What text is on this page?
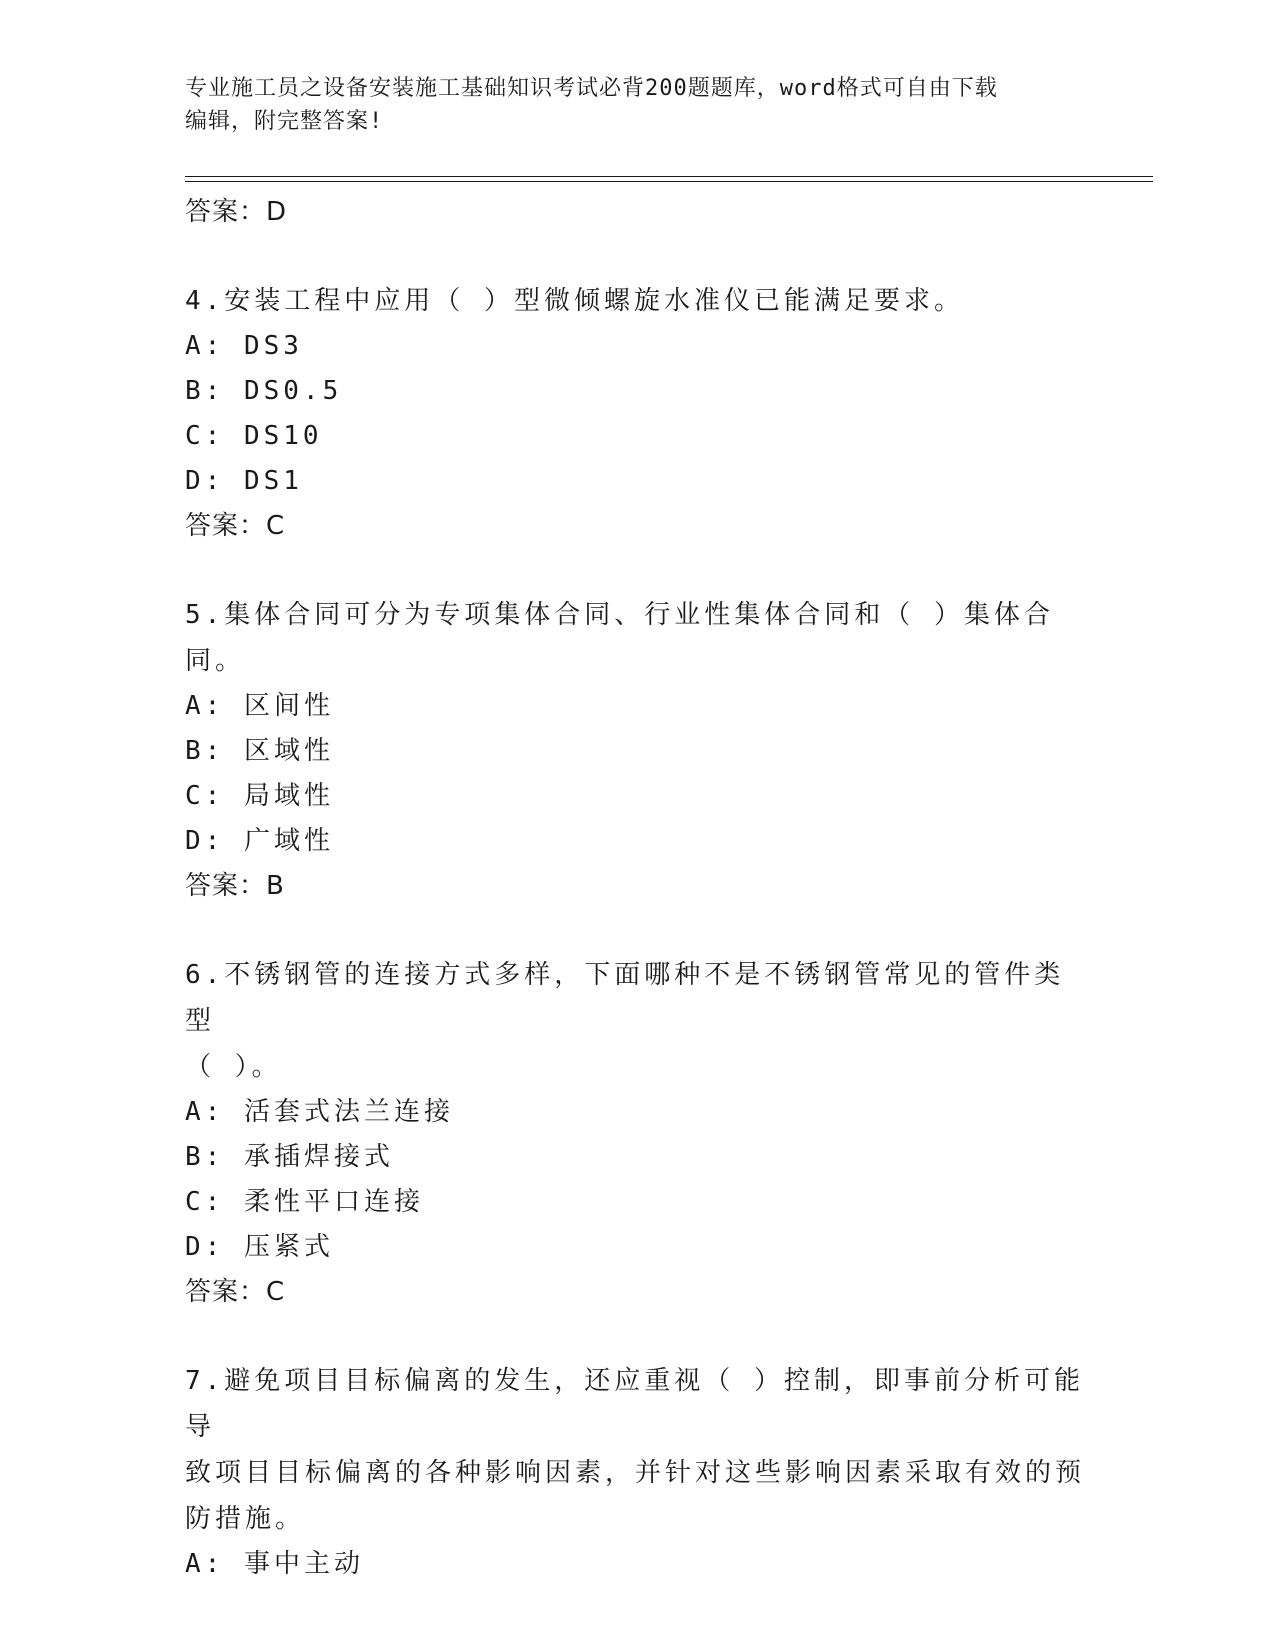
专业施工员之设备安装施工基础知识考试必背200题题库，word格式可自由下载
编辑，附完整答案!

答案：D

4.安装工程中应用（ ）型微倾螺旋水准仪已能满足要求。

A: DS3

B: DS0.5

C: DS10

D: DS1

答案：C

5.集体合同可分为专项集体合同、行业性集体合同和（ ）集体合同。

A: 区间性

B: 区域性

C: 局域性

D: 广域性

答案：B

6.不锈钢管的连接方式多样，下面哪种不是不锈钢管常见的管件类型

（ ）。

A: 活套式法兰连接

B: 承插焊接式

C: 柔性平口连接

D: 压紧式

答案：C

7.避免项目目标偏离的发生，还应重视（ ）控制，即事前分析可能导

致项目目标偏离的各种影响因素，并针对这些影响因素采取有效的预

防措施。

A: 事中主动
